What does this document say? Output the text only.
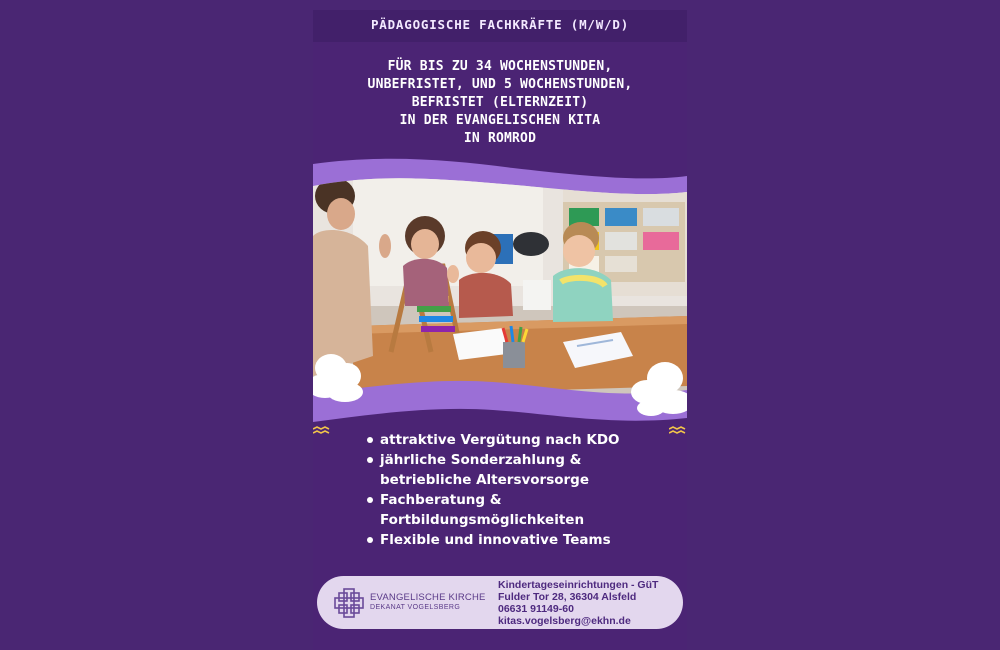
PÄDAGOGISCHE FACHKRÄFTE (M/W/D)
FÜR BIS ZU 34 WOCHENSTUNDEN,
UNBEFRISTET, UND 5 WOCHENSTUNDEN,
BEFRISTET (ELTERNZEIT)
IN DER EVANGELISCHEN KITA
IN ROMROD
attraktive Vergütung nach KDO
jährliche Sonderzahlung & betriebliche Altersvorsorge
Fachberatung & Fortbildungsmöglichkeiten
Flexible und innovative Teams
EVANGELISCHE KIRCHE
DEKANAT VOGELSBERG
Kindertageseinrichtungen - GüT
Fulder Tor 28, 36304 Alsfeld
06631 91149-60
kitas.vogelsberg@ekhn.de
